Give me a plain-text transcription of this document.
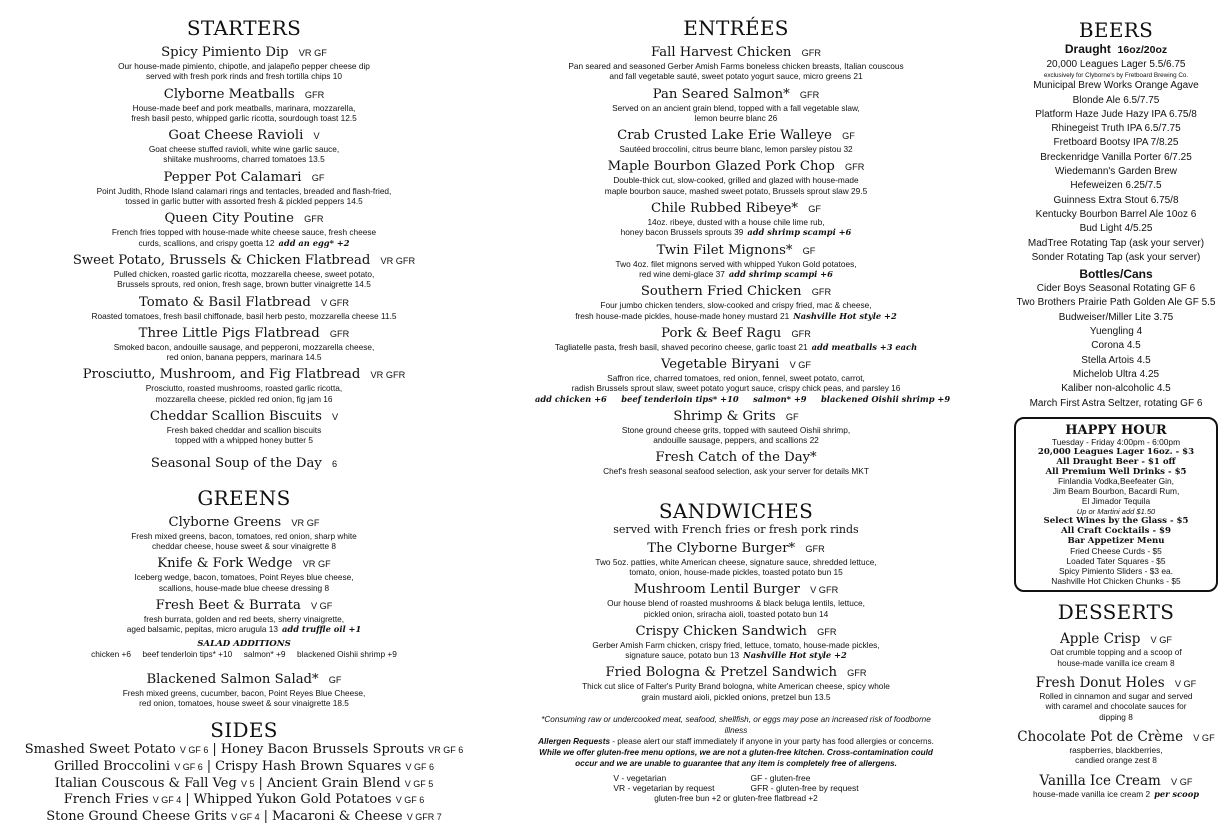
STARTERS
Spicy Pimiento Dip VR GF
Our house-made pimiento, chipotle, and jalapeño pepper cheese dip
served with fresh pork rinds and fresh tortilla chips 10
Clyborne Meatballs GFR
House-made beef and pork meatballs, marinara, mozzarella,
fresh basil pesto, whipped garlic ricotta, sourdough toast 12.5
Goat Cheese Ravioli V
Goat cheese stuffed ravioli, white wine garlic sauce,
shiitake mushrooms, charred tomatoes 13.5
Pepper Pot Calamari GF
Point Judith, Rhode Island calamari rings and tentacles, breaded and flash-fried,
tossed in garlic butter with assorted fresh & pickled peppers 14.5
Queen City Poutine GFR
French fries topped with house-made white cheese sauce, fresh cheese
curds, scallions, and crispy goetta 12 add an egg* +2
Sweet Potato, Brussels & Chicken Flatbread VR GFR
Pulled chicken, roasted garlic ricotta, mozzarella cheese, sweet potato,
Brussels sprouts, red onion, fresh sage, brown butter vinaigrette 14.5
Tomato & Basil Flatbread V GFR
Roasted tomatoes, fresh basil chiffonade, basil herb pesto, mozzarella cheese 11.5
Three Little Pigs Flatbread GFR
Smoked bacon, andouille sausage, and pepperoni, mozzarella cheese,
red onion, banana peppers, marinara 14.5
Prosciutto, Mushroom, and Fig Flatbread VR GFR
Prosciutto, roasted mushrooms, roasted garlic ricotta,
mozzarella cheese, pickled red onion, fig jam 16
Cheddar Scallion Biscuits V
Fresh baked cheddar and scallion biscuits
topped with a whipped honey butter 5
Seasonal Soup of the Day 6
GREENS
Clyborne Greens VR GF
Fresh mixed greens, bacon, tomatoes, red onion, sharp white
cheddar cheese, house sweet & sour vinaigrette 8
Knife & Fork Wedge VR GF
Iceberg wedge, bacon, tomatoes, Point Reyes blue cheese,
scallions, house-made blue cheese dressing 8
Fresh Beet & Burrata V GF
fresh burrata, golden and red beets, sherry vinaigrette,
aged balsamic, pepitas, micro arugula 13 add truffle oil +1
SALAD ADDITIONS
chicken +6     beef tenderloin tips* +10     salmon* +9     blackened Oishii shrimp +9
Blackened Salmon Salad* GF
Fresh mixed greens, cucumber, bacon, Point Reyes Blue Cheese,
red onion, tomatoes, house sweet & sour vinaigrette 18.5
SIDES
Smashed Sweet Potato V GF 6 | Honey Bacon Brussels Sprouts VR GF 6
Grilled Broccolini V GF 6 | Crispy Hash Brown Squares V GF 6
Italian Couscous & Fall Veg V 5 | Ancient Grain Blend V GF 5
French Fries V GF 4 | Whipped Yukon Gold Potatoes V GF 6
Stone Ground Cheese Grits V GF 4 | Macaroni & Cheese V GFR 7
ENTRÉES
Fall Harvest Chicken GFR
Pan seared and seasoned Gerber Amish Farms boneless chicken breasts, Italian couscous
and fall vegetable sauté, sweet potato yogurt sauce, micro greens 21
Pan Seared Salmon* GFR
Served on an ancient grain blend, topped with a fall vegetable slaw,
lemon beurre blanc 26
Crab Crusted Lake Erie Walleye GF
Sautéed broccolini, citrus beurre blanc, lemon parsley pistou 32
Maple Bourbon Glazed Pork Chop GFR
Double-thick cut, slow-cooked, grilled and glazed with house-made
maple bourbon sauce, mashed sweet potato, Brussels sprout slaw 29.5
Chile Rubbed Ribeye* GF
14oz. ribeye, dusted with a house chile lime rub,
honey bacon Brussels sprouts 39 add shrimp scampi +6
Twin Filet Mignons* GF
Two 4oz. filet mignons served with whipped Yukon Gold potatoes,
red wine demi-glace 37 add shrimp scampi +6
Southern Fried Chicken GFR
Four jumbo chicken tenders, slow-cooked and crispy fried, mac & cheese,
fresh house-made pickles, house-made honey mustard 21 Nashville Hot style +2
Pork & Beef Ragu GFR
Tagliatelle pasta, fresh basil, shaved pecorino cheese, garlic toast 21 add meatballs +3 each
Vegetable Biryani V GF
Saffron rice, charred tomatoes, red onion, fennel, sweet potato, carrot,
radish Brussels sprout slaw, sweet potato yogurt sauce, crispy chick peas, and parsley 16
add chicken +6     beef tenderloin tips* +10     salmon* +9     blackened Oishii shrimp +9
Shrimp & Grits GF
Stone ground cheese grits, topped with sauteed Oishii shrimp,
andouille sausage, peppers, and scallions 22
Fresh Catch of the Day*
Chef's fresh seasonal seafood selection, ask your server for details MKT
SANDWICHES
served with French fries or fresh pork rinds
The Clyborne Burger* GFR
Two 5oz. patties, white American cheese, signature sauce, shredded lettuce,
tomato, onion, house-made pickles, toasted potato bun 15
Mushroom Lentil Burger V GFR
Our house blend of roasted mushrooms & black beluga lentils, lettuce,
pickled onion, sriracha aioli, toasted potato bun 14
Crispy Chicken Sandwich GFR
Gerber Amish Farm chicken, crispy fried, lettuce, tomato, house-made pickles,
signature sauce, potato bun 13 Nashville Hot style +2
Fried Bologna & Pretzel Sandwich GFR
Thick cut slice of Falter's Purity Brand bologna, white American cheese, spicy whole
grain mustard aioli, pickled onions, pretzel bun 13.5
*Consuming raw or undercooked meat, seafood, shellfish, or eggs may pose an increased risk of foodborne illness
Allergen Requests - please alert our staff immediately if anyone in your party has food allergies or concerns.
While we offer gluten-free menu options, we are not a gluten-free kitchen. Cross-contamination could
occur and we are unable to guarantee that any item is completely free of allergens.
V - vegetarian	GF - gluten-free
VR - vegetarian by request	GFR - gluten-free by request
gluten-free bun +2 or gluten-free flatbread +2
BEERS
Draught 16oz/20oz
20,000 Leagues Lager 5.5/6.75
exclusively for Clyborne's by Fretboard Brewing Co.
Municipal Brew Works Orange Agave
Blonde Ale 6.5/7.75
Platform Haze Jude Hazy IPA 6.75/8
Rhinegeist Truth IPA 6.5/7.75
Fretboard Bootsy IPA 7/8.25
Breckenridge Vanilla Porter 6/7.25
Wiedemann's Garden Brew
Hefeweizen 6.25/7.5
Guinness Extra Stout 6.75/8
Kentucky Bourbon Barrel Ale 10oz 6
Bud Light 4/5.25
MadTree Rotating Tap (ask your server)
Sonder Rotating Tap (ask your server)
Bottles/Cans
Cider Boys Seasonal Rotating GF 6
Two Brothers Prairie Path Golden Ale GF 5.5
Budweiser/Miller Lite 3.75
Yuengling 4
Corona 4.5
Stella Artois 4.5
Michelob Ultra 4.25
Kaliber non-alcoholic 4.5
March First Astra Seltzer, rotating GF 6
HAPPY HOUR
Tuesday - Friday 4:00pm - 6:00pm
20,000 Leagues Lager 16oz. - $3
All Draught Beer - $1 off
All Premium Well Drinks - $5
Finlandia Vodka,Beefeater Gin,
Jim Beam Bourbon, Bacardi Rum,
El Jimador Tequila
Up or Martini add $1.50
Select Wines by the Glass - $5
All Craft Cocktails - $9
Bar Appetizer Menu
Fried Cheese Curds - $5
Loaded Tater Squares - $5
Spicy Pimiento Sliders - $3 ea.
Nashville Hot Chicken Chunks - $5
DESSERTS
Apple Crisp V GF
Oat crumble topping and a scoop of
house-made vanilla ice cream 8
Fresh Donut Holes V GF
Rolled in cinnamon and sugar and served
with caramel and chocolate sauces for
dipping 8
Chocolate Pot de Crème V GF
raspberries, blackberries,
candied orange zest 8
Vanilla Ice Cream V GF
house-made vanilla ice cream 2 per scoop
